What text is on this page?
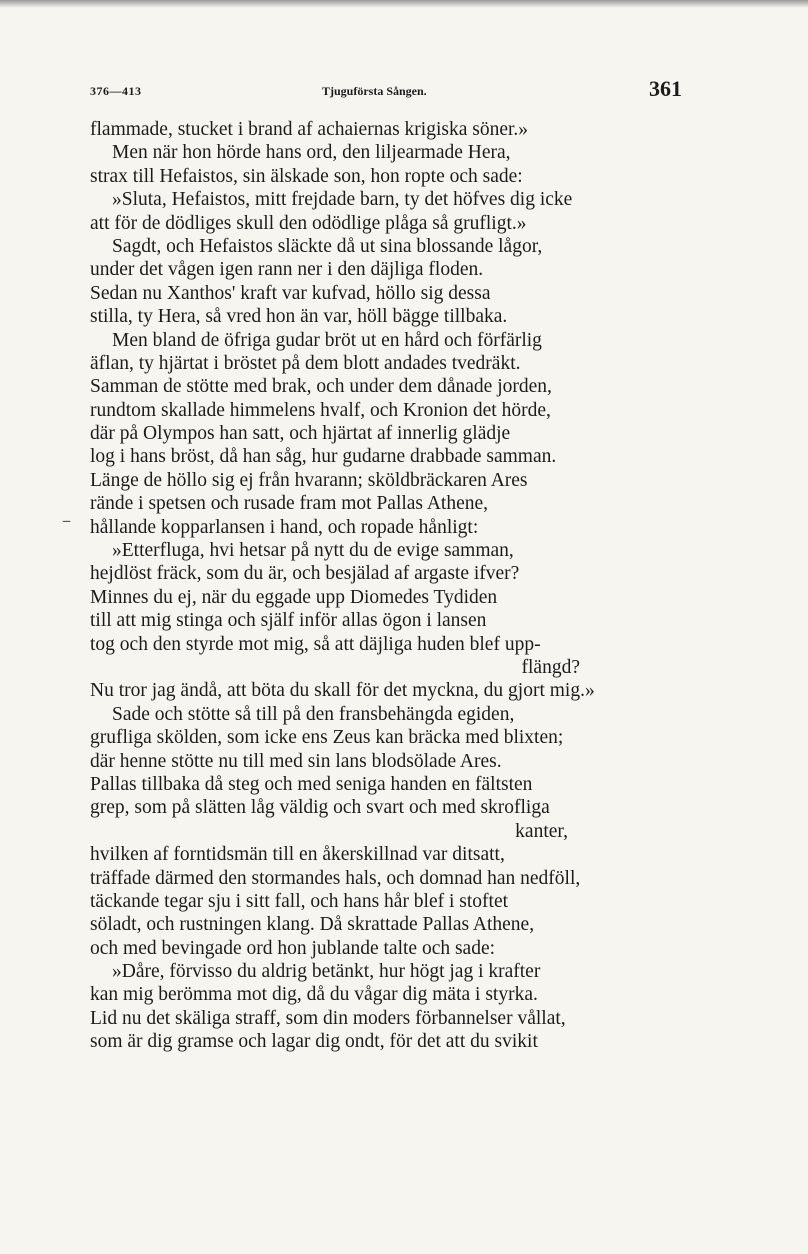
376—413	Tjuguförsta Sången.	361
–
flammade, stucket i brand af achaiernas krigiska söner.»
Men när hon hörde hans ord, den liljearmade Hera,
strax till Hefaistos, sin älskade son, hon ropte och sade:
»Sluta, Hefaistos, mitt frejdade barn, ty det höfves dig icke
att för de dödliges skull den odödlige plåga så grufligt.»
Sagdt, och Hefaistos släckte då ut sina blossande lågor,
under det vågen igen rann ner i den däjliga floden.
Sedan nu Xanthos' kraft var kufvad, höllo sig dessa
stilla, ty Hera, så vred hon än var, höll bägge tillbaka.
Men bland de öfriga gudar bröt ut en hård och förfärlig
äflan, ty hjärtat i bröstet på dem blott andades tvedräkt.
Samman de stötte med brak, och under dem dånade jorden,
rundtom skallade himmelens hvalf, och Kronion det hörde,
där på Olympos han satt, och hjärtat af innerlig glädje
log i hans bröst, då han såg, hur gudarne drabbade samman.
Länge de höllo sig ej från hvarann; sköldbräckaren Ares
rände i spetsen och rusade fram mot Pallas Athene,
hållande kopparlansen i hand, och ropade hånligt:
»Etterfluga, hvi hetsar på nytt du de evige samman,
hejdlöst fräck, som du är, och besjälad af argaste ifver?
Minnes du ej, när du eggade upp Diomedes Tydiden
till att mig stinga och själf inför allas ögon i lansen
tog och den styrde mot mig, så att däjliga huden blef upp-
flängd?
Nu tror jag ändå, att böta du skall för det myckna, du gjort mig.»
Sade och stötte så till på den fransbehängda egiden,
grufliga skölden, som icke ens Zeus kan bräcka med blixten;
där henne stötte nu till med sin lans blodsölade Ares.
Pallas tillbaka då steg och med seniga handen en fältsten
grep, som på slätten låg väldig och svart och med skrofliga
kanter,
hvilken af forntidsmän till en åkerskillnad var ditsatt,
träffade därmed den stormandes hals, och domnad han nedföll,
täckande tegar sju i sitt fall, och hans hår blef i stoftet
söladt, och rustningen klang. Då skrattade Pallas Athene,
och med bevingade ord hon jublande talte och sade:
»Dåre, förvisso du aldrig betänkt, hur högt jag i krafter
kan mig berömma mot dig, då du vågar dig mäta i styrka.
Lid nu det skäliga straff, som din moders förbannelser vållat,
som är dig gramse och lagar dig ondt, för det att du svikit
